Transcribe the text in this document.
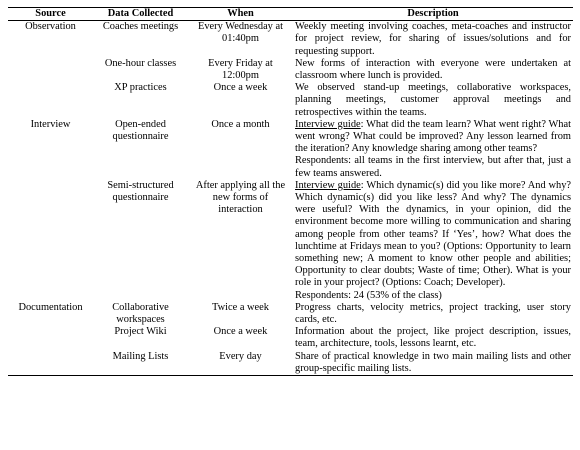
Source	Data Collected	When	Description
Observation	Coaches meetings	Every Wednesday at 01:40pm	Weekly meeting involving coaches, meta-coaches and instructor for project review, for sharing of issues/solutions and for requesting support.
	One-hour classes	Every Friday at 12:00pm	New forms of interaction with everyone were undertaken at classroom where lunch is provided.
	XP practices	Once a week	We observed stand-up meetings, collaborative workspaces, planning meetings, customer approval meetings and retrospectives within the teams.
Interview	Open-ended questionnaire	Once a month	Interview guide: What did the team learn? What went right? What went wrong? What could be improved? Any lesson learned from the iteration? Any knowledge sharing among other teams?
Respondents: all teams in the first interview, but after that, just a few teams answered.
	Semi-structured questionnaire	After applying all the new forms of interaction	Interview guide: Which dynamic(s) did you like more? And why? Which dynamic(s) did you like less? And why? The dynamics were useful? With the dynamics, in your opinion, did the environment become more willing to communication and sharing among people from other teams? If ‘Yes’, how? What does the lunchtime at Fridays mean to you? (Options: Opportunity to learn something new; A moment to know other people and abilities; Opportunity to clear doubts; Waste of time; Other). What is your role in your project? (Options: Coach; Developer).
Respondents: 24 (53% of the class)
Documentation	Collaborative workspaces	Twice a week	Progress charts, velocity metrics, project tracking, user story cards, etc.
	Project Wiki	Once a week	Information about the project, like project description, issues, team, architecture, tools, lessons learnt, etc.
	Mailing Lists	Every day	Share of practical knowledge in two main mailing lists and other group-specific mailing lists.
